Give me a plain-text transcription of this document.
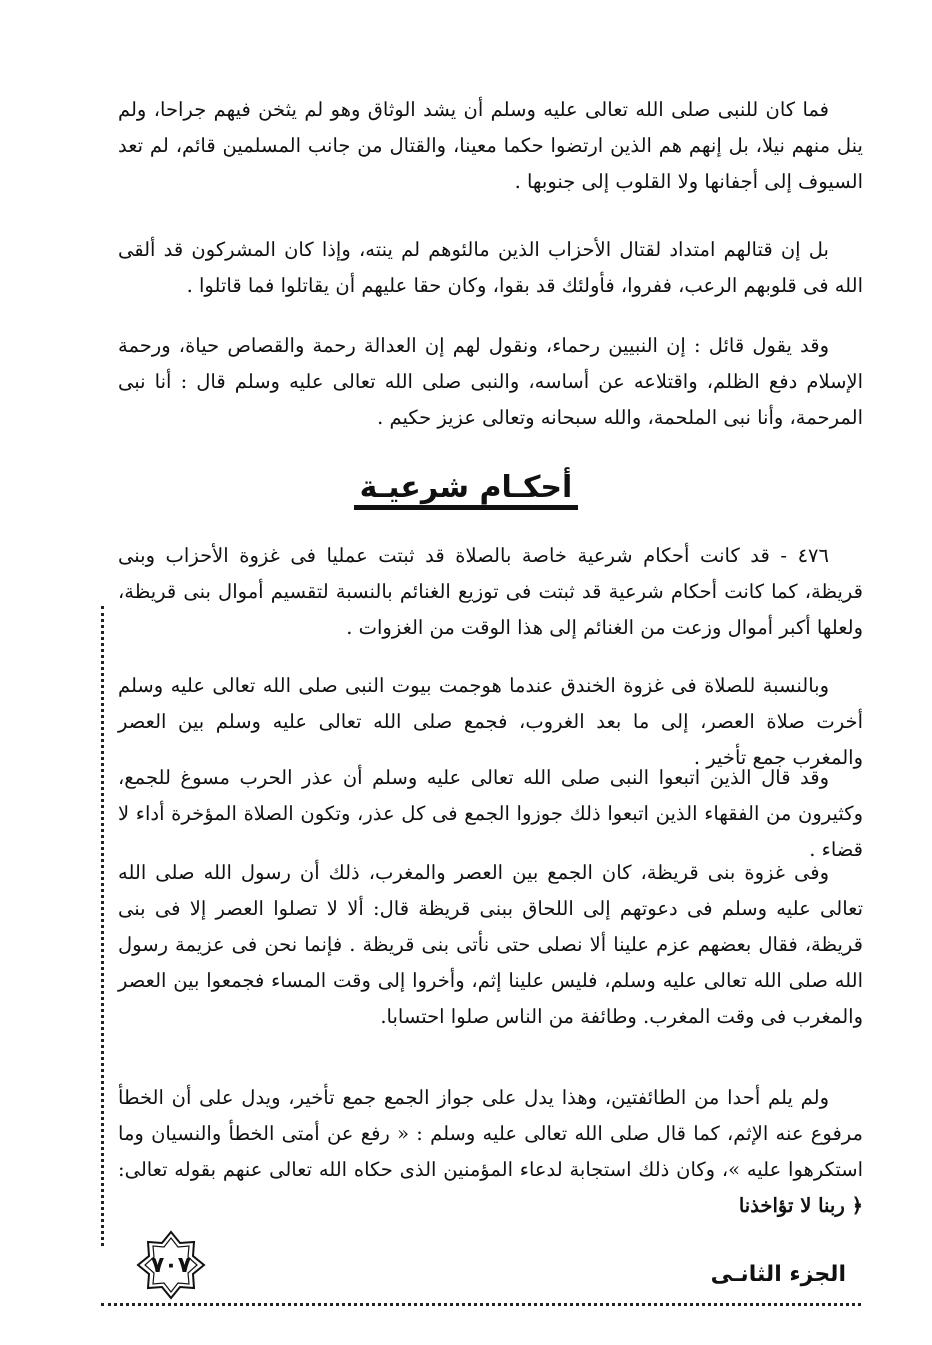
فما كان للنبى صلى الله تعالى عليه وسلم أن يشد الوثاق وهو لم يثخن فيهم جراحا، ولم ينل منهم نيلا، بل إنهم هم الذين ارتضوا حكما معينا، والقتال من جانب المسلمين قائم، لم تعد السيوف إلى أجفانها ولا القلوب إلى جنوبها .

بل إن قتالهم امتداد لقتال الأحزاب الذين مالئوهم لم ينته، وإذا كان المشركون قد ألقى الله فى قلوبهم الرعب، ففروا، فأولئك قد بقوا، وكان حقا عليهم أن يقاتلوا فما قاتلوا .

وقد يقول قائل : إن النبيين رحماء، ونقول لهم إن العدالة رحمة والقصاص حياة، ورحمة الإسلام دفع الظلم، واقتلاعه عن أساسه، والنبى صلى الله تعالى عليه وسلم قال : أنا نبى المرحمة، وأنا نبى الملحمة، والله سبحانه وتعالى عزيز حكيم .

أحكـام شرعيـة

٤٧٦ - قد كانت أحكام شرعية خاصة بالصلاة قد ثبتت عمليا فى غزوة الأحزاب وبنى قريظة، كما كانت أحكام شرعية قد ثبتت فى توزيع الغنائم بالنسبة لتقسيم أموال بنى قريظة، ولعلها أكبر أموال وزعت من الغنائم إلى هذا الوقت من الغزوات .

وبالنسبة للصلاة فى غزوة الخندق عندما هوجمت بيوت النبى صلى الله تعالى عليه وسلم أخرت صلاة العصر، إلى ما بعد الغروب، فجمع صلى الله تعالى عليه وسلم بين العصر والمغرب جمع تأخير .

وقد قال الذين اتبعوا النبى صلى الله تعالى عليه وسلم أن عذر الحرب مسوغ للجمع، وكثيرون من الفقهاء الذين اتبعوا ذلك جوزوا الجمع فى كل عذر، وتكون الصلاة المؤخرة أداء لا قضاء .

وفى غزوة بنى قريظة، كان الجمع بين العصر والمغرب، ذلك أن رسول الله صلى الله تعالى عليه وسلم فى دعوتهم إلى اللحاق ببنى قريظة قال: ألا لا تصلوا العصر إلا فى بنى قريظة، فقال بعضهم عزم علينا ألا نصلى حتى نأتى بنى قريظة . فإنما نحن فى عزيمة رسول الله صلى الله تعالى عليه وسلم، فليس علينا إثم، وأخروا إلى وقت المساء فجمعوا بين العصر والمغرب فى وقت المغرب. وطائفة من الناس صلوا احتسابا.

ولم يلم أحدا من الطائفتين، وهذا يدل على جواز الجمع جمع تأخير، ويدل على أن الخطأ مرفوع عنه الإثم، كما قال صلى الله تعالى عليه وسلم : « رفع عن أمتى الخطأ والنسيان وما استكرهوا عليه »، وكان ذلك استجابة لدعاء المؤمنين الذى حكاه الله تعالى عنهم بقوله تعالى: ﴿ ربنا لا تؤاخذنا

٧٠٧	الجزء الثانـى
